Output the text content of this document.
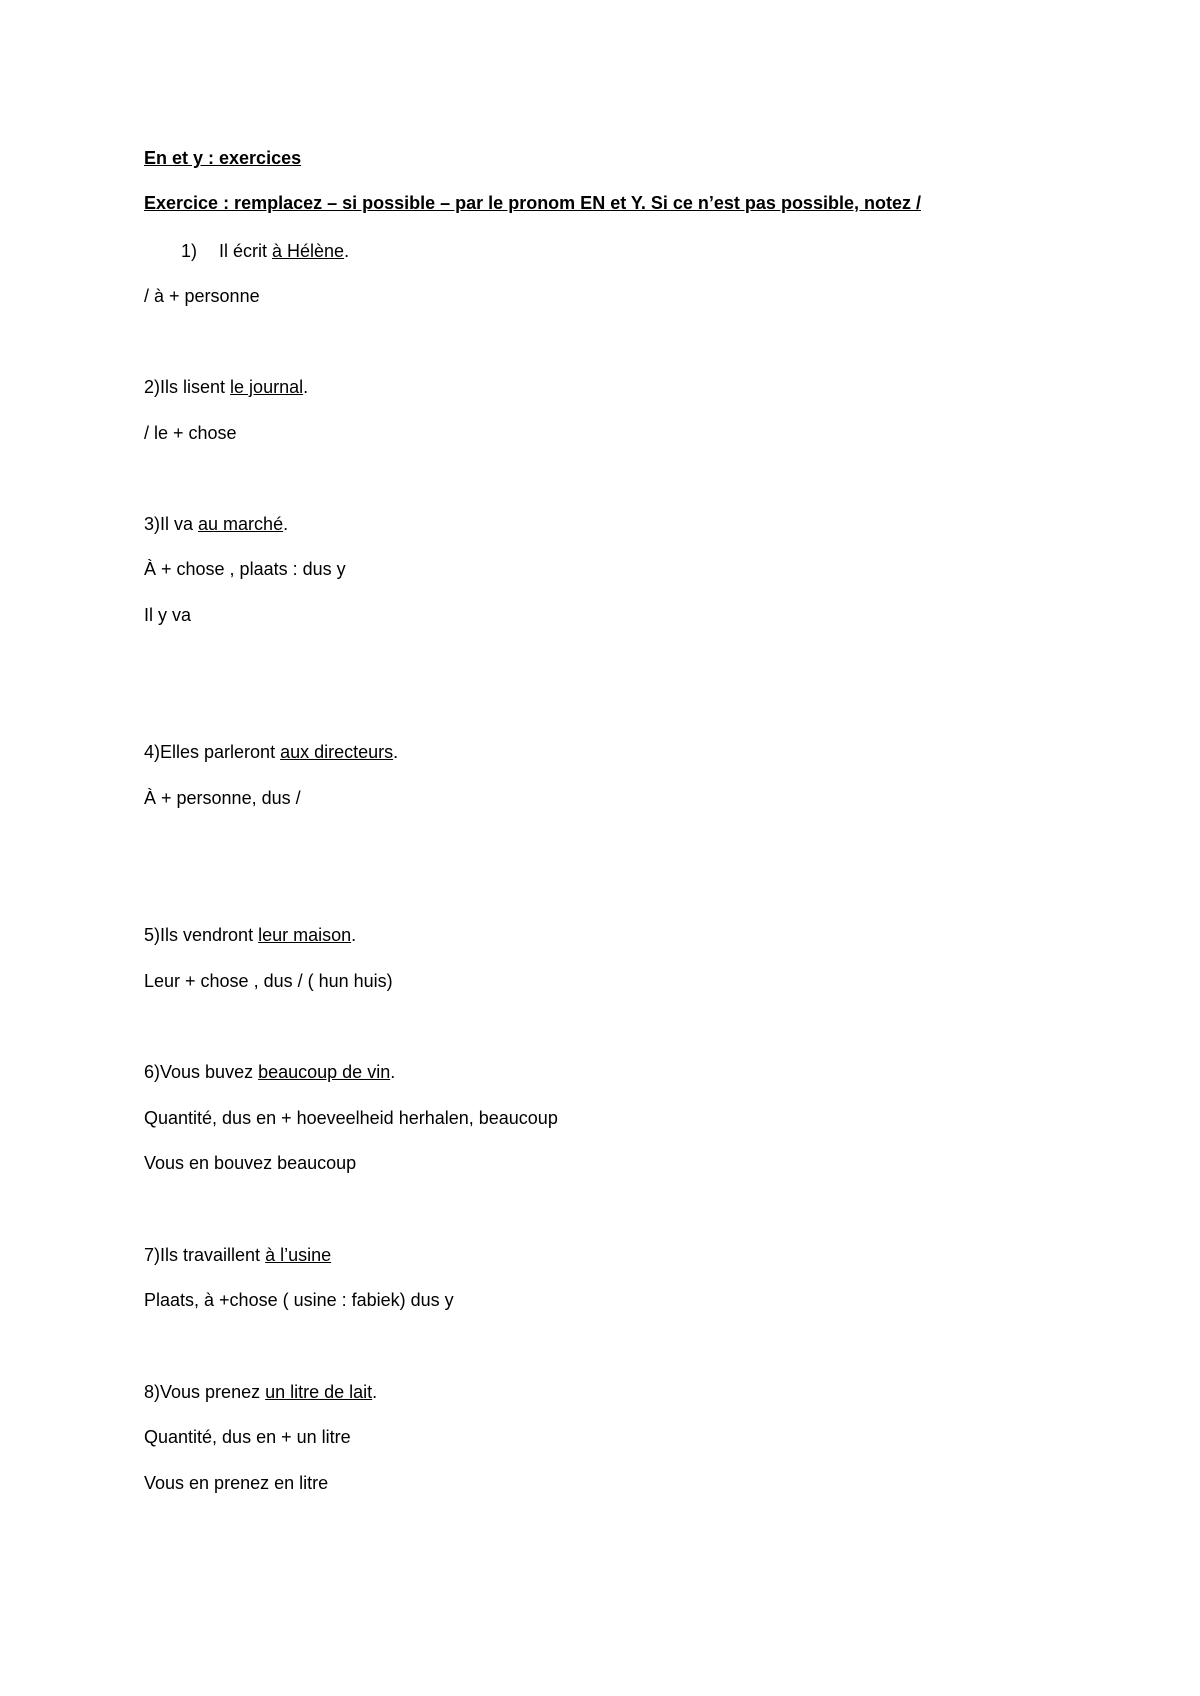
En et y : exercices
Exercice : remplacez – si possible – par le pronom EN et Y. Si ce n’est pas possible, notez /
1) Il écrit à Hélène.
/ à + personne
2)Ils lisent le journal.
/ le + chose
3)Il va au marché.
À + chose , plaats : dus y
Il y va
4)Elles parleront aux directeurs.
À + personne, dus /
5)Ils vendront leur maison.
Leur + chose , dus / ( hun huis)
6)Vous buvez beaucoup de vin.
Quantité, dus en + hoeveelheid herhalen, beaucoup
Vous en bouvez beaucoup
7)Ils travaillent à l’usine
Plaats, à +chose ( usine : fabiek) dus y
8)Vous prenez un litre de lait.
Quantité, dus en + un litre
Vous en prenez en litre
